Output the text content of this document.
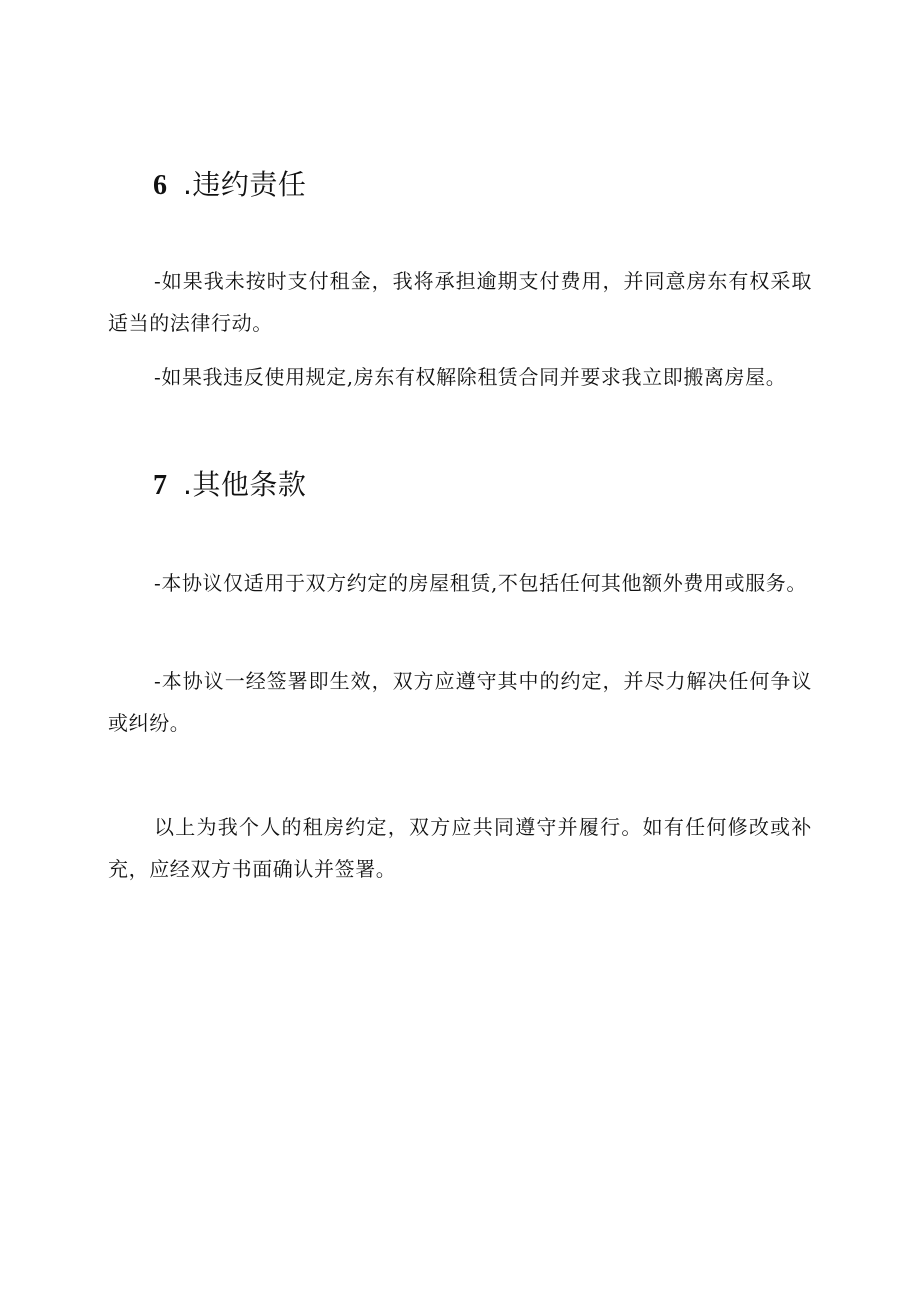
6 .违约责任

-如果我未按时支付租金，我将承担逾期支付费用，并同意房东有权采取适当的法律行动。

-如果我违反使用规定,房东有权解除租赁合同并要求我立即搬离房屋。

7 .其他条款

-本协议仅适用于双方约定的房屋租赁,不包括任何其他额外费用或服务。

-本协议一经签署即生效，双方应遵守其中的约定，并尽力解决任何争议或纠纷。

以上为我个人的租房约定，双方应共同遵守并履行。如有任何修改或补充，应经双方书面确认并签署。
